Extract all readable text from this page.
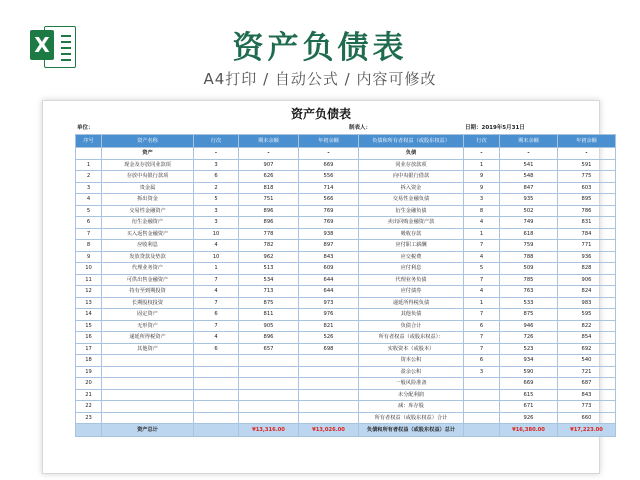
X	资产负债表
A4打印 / 自动公式 / 内容可修改
资产负债表
单位：	制表人：	日期：2019年5月31日
序号	资产名称	行次	期末余额	年初余额	负债和所有者权益（或股东权益）	行次	期末余额	年初余额
	资产	-	-	-	负债	-	-	-
1	现金及存放同业款项	3	907	669	同业存放款项	1	541	591
2	存放中央银行款项	6	626	556	向中央银行借款	9	548	775
3	贵金属	2	818	714	拆入资金	9	847	603
4	拆出资金	5	751	566	交易性金融负债	3	935	895
5	交易性金融资产	3	896	769	衍生金融负债	8	502	786
6	衍生金融资产	3	896	769	卖出回购金融资产款	4	749	831
7	买入返售金融资产	10	778	938	吸收存款	1	618	784
8	应收利息	4	782	897	应付职工薪酬	7	759	771
9	发放贷款及垫款	10	962	843	应交税费	4	788	936
10	代理业务资产	1	513	609	应付利息	5	509	828
11	可供出售金融资产	7	534	644	代理业务负债	7	785	906
12	持有至到期投资	4	713	644	应付债券	4	763	824
13	长期股权投资	7	875	973	递延所得税负债	1	533	983
14	固定资产	6	811	976	其他负债	7	875	595
15	无形资产	7	905	821	负债合计	6	946	822
16	递延所得税资产	4	896	526	所有者权益（或股东权益）：	7	726	854
17	其他资产	6	657	698	实收资本（或股本）	7	523	692
18					资本公积	6	934	540
19					盈余公积	3	590	721
20					一般风险准备		669	687
21					未分配利润		615	843
22					减：库存股		671	773
23					所有者权益（或股东权益）合计		926	660
	资产总计		¥13,316.00	¥13,026.00	负债和所有者权益（或股东权益）总计		¥16,380.00	¥17,223.00
